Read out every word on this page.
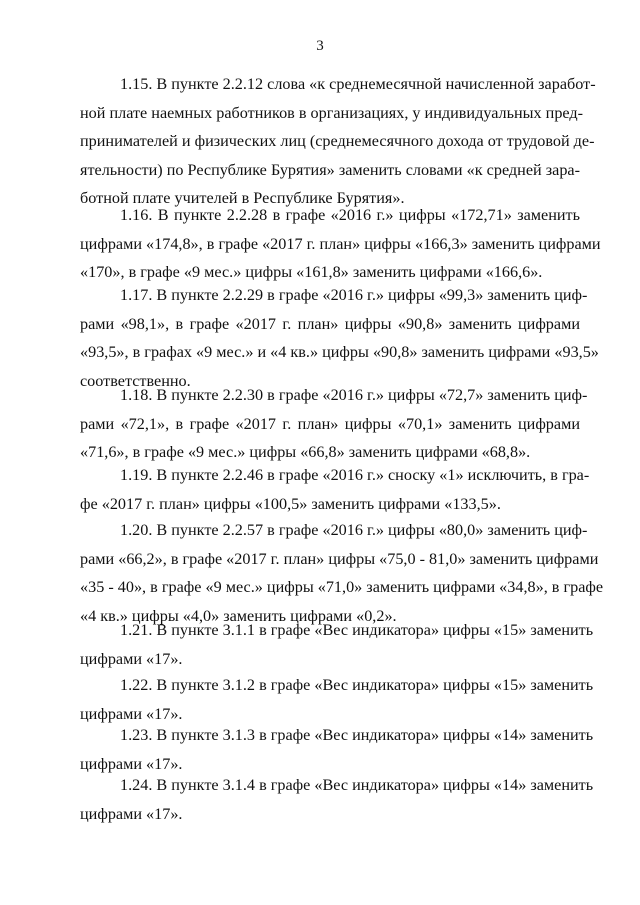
3
1.15. В пункте 2.2.12 слова «к среднемесячной начисленной заработ-
ной плате наемных работников в организациях, у индивидуальных пред-
принимателей и физических лиц (среднемесячного дохода от трудовой де-
ятельности) по Республике Бурятия» заменить словами «к средней зара-
ботной плате учителей в Республике Бурятия».
1.16. В пункте 2.2.28 в графе «2016 г.» цифры «172,71» заменить
цифрами «174,8», в графе «2017 г. план» цифры «166,3» заменить цифрами
«170», в графе «9 мес.» цифры «161,8» заменить цифрами «166,6».
1.17. В пункте 2.2.29 в графе «2016 г.» цифры «99,3» заменить циф-
рами «98,1», в графе «2017 г. план» цифры «90,8» заменить цифрами
«93,5», в графах «9 мес.» и «4 кв.» цифры «90,8» заменить цифрами «93,5»
соответственно.
1.18. В пункте 2.2.30 в графе «2016 г.» цифры «72,7» заменить циф-
рами «72,1», в графе «2017 г. план» цифры «70,1» заменить цифрами
«71,6», в графе «9 мес.» цифры «66,8» заменить цифрами «68,8».
1.19. В пункте 2.2.46 в графе «2016 г.» сноску «1» исключить, в гра-
фе «2017 г. план» цифры «100,5» заменить цифрами «133,5».
1.20. В пункте 2.2.57 в графе «2016 г.» цифры «80,0» заменить циф-
рами «66,2», в графе «2017 г. план» цифры «75,0 - 81,0» заменить цифрами
«35 - 40», в графе «9 мес.» цифры «71,0» заменить цифрами «34,8», в графе
«4 кв.» цифры «4,0» заменить цифрами «0,2».
1.21. В пункте 3.1.1 в графе «Вес индикатора» цифры «15» заменить
цифрами «17».
1.22. В пункте 3.1.2 в графе «Вес индикатора» цифры «15» заменить
цифрами «17».
1.23. В пункте 3.1.3 в графе «Вес индикатора» цифры «14» заменить
цифрами «17».
1.24. В пункте 3.1.4 в графе «Вес индикатора» цифры «14» заменить
цифрами «17».
